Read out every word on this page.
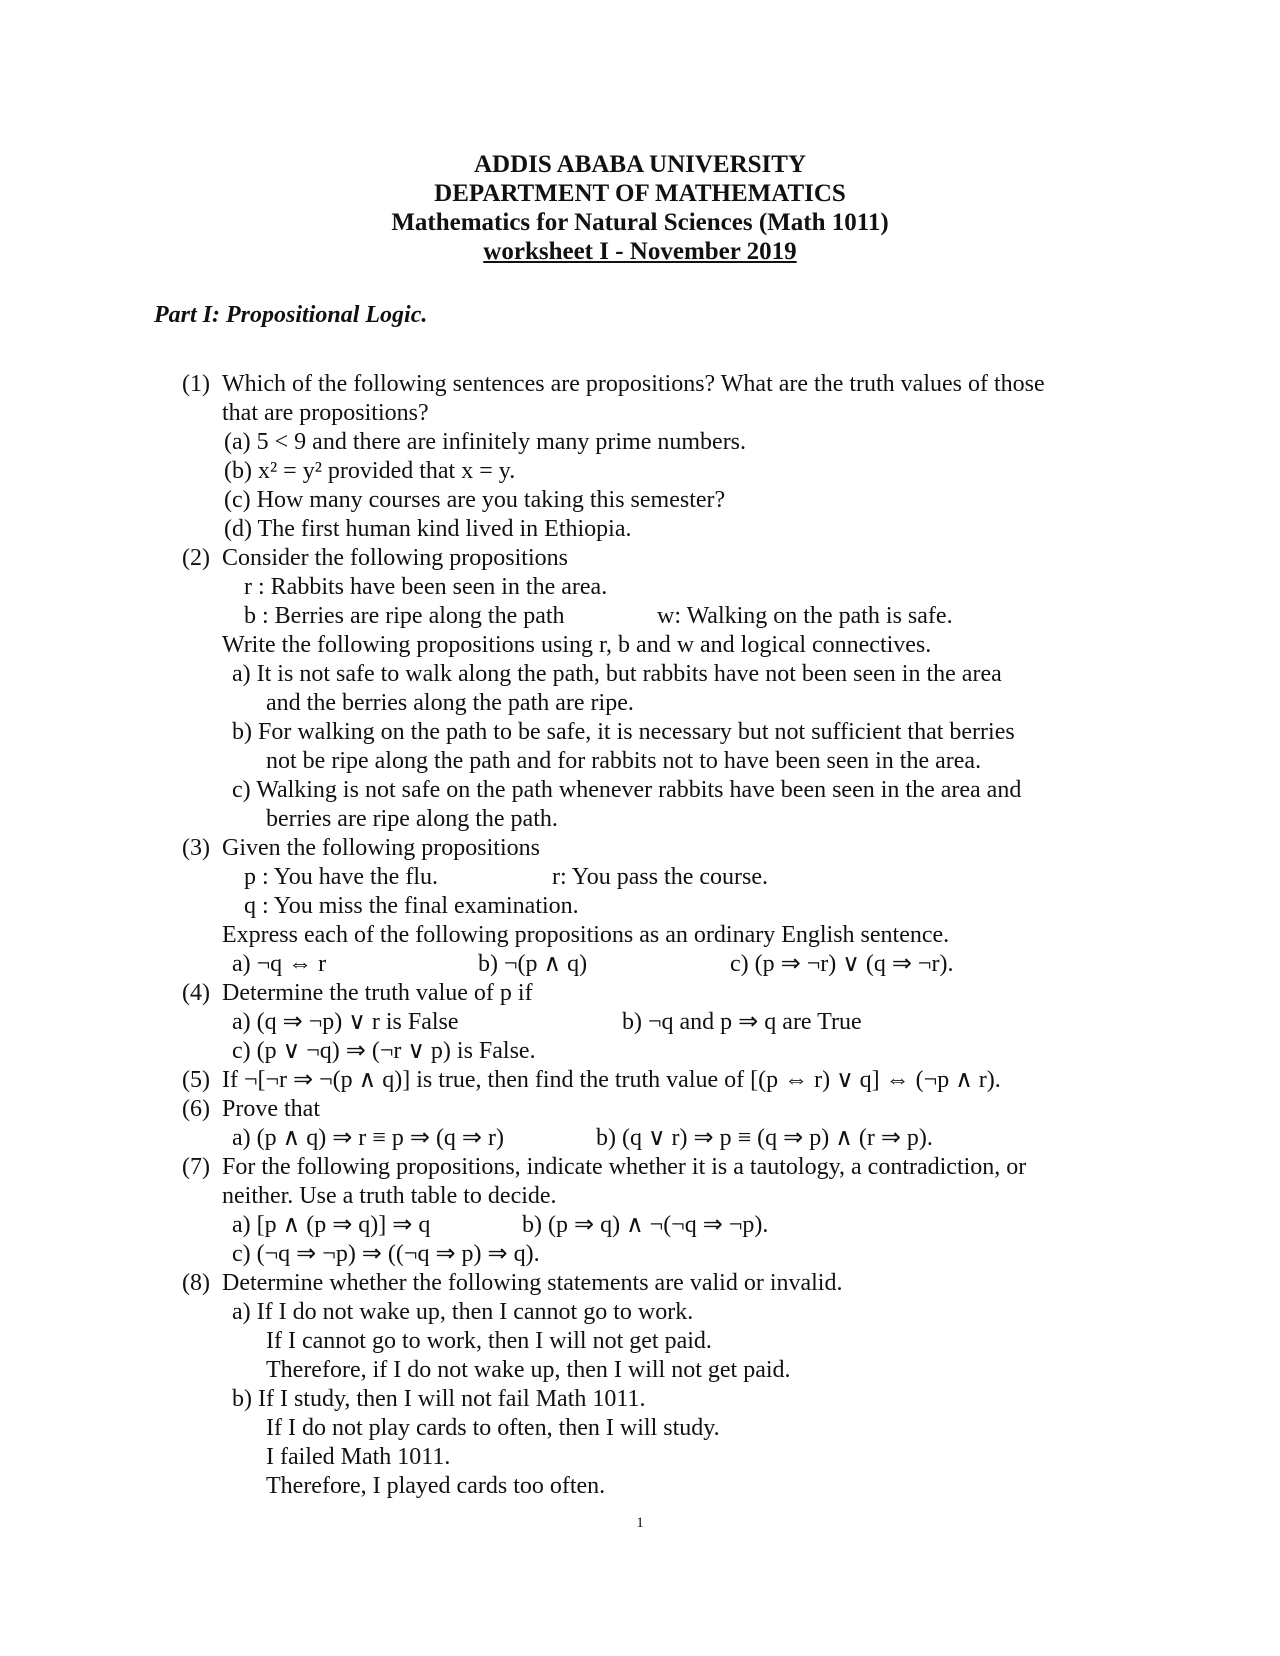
ADDIS ABABA UNIVERSITY
DEPARTMENT OF MATHEMATICS
Mathematics for Natural Sciences (Math 1011)
worksheet I - November 2019
Part I: Propositional Logic.
(1) Which of the following sentences are propositions? What are the truth values of those
that are propositions?
(a) 5 < 9 and there are infinitely many prime numbers.
(b) x² = y² provided that x = y.
(c) How many courses are you taking this semester?
(d) The first human kind lived in Ethiopia.
(2) Consider the following propositions
r : Rabbits have been seen in the area.
b : Berries are ripe along the path	w: Walking on the path is safe.
Write the following propositions using r, b and w and logical connectives.
a) It is not safe to walk along the path, but rabbits have not been seen in the area
and the berries along the path are ripe.
b) For walking on the path to be safe, it is necessary but not sufficient that berries
not be ripe along the path and for rabbits not to have been seen in the area.
c) Walking is not safe on the path whenever rabbits have been seen in the area and
berries are ripe along the path.
(3) Given the following propositions
p : You have the flu.	r: You pass the course.
q : You miss the final examination.
Express each of the following propositions as an ordinary English sentence.
a) ¬q ⇔ r	b) ¬(p ∧ q)	c) (p ⇒ ¬r) ∨ (q ⇒ ¬r).
(4) Determine the truth value of p if
a) (q ⇒ ¬p) ∨ r is False	b) ¬q and p ⇒ q are True
c) (p ∨ ¬q) ⇒ (¬r ∨ p) is False.
(5) If ¬[¬r ⇒ ¬(p ∧ q)] is true, then find the truth value of [(p ⇔ r) ∨ q] ⇔ (¬p ∧ r).
(6) Prove that
a) (p ∧ q) ⇒ r ≡ p ⇒ (q ⇒ r)	b) (q ∨ r) ⇒ p ≡ (q ⇒ p) ∧ (r ⇒ p).
(7) For the following propositions, indicate whether it is a tautology, a contradiction, or
neither. Use a truth table to decide.
a) [p ∧ (p ⇒ q)] ⇒ q	b) (p ⇒ q) ∧ ¬(¬q ⇒ ¬p).
c) (¬q ⇒ ¬p) ⇒ ((¬q ⇒ p) ⇒ q).
(8) Determine whether the following statements are valid or invalid.
a) If I do not wake up, then I cannot go to work.
If I cannot go to work, then I will not get paid.
Therefore, if I do not wake up, then I will not get paid.
b) If I study, then I will not fail Math 1011.
If I do not play cards to often, then I will study.
I failed Math 1011.
Therefore, I played cards too often.
1
